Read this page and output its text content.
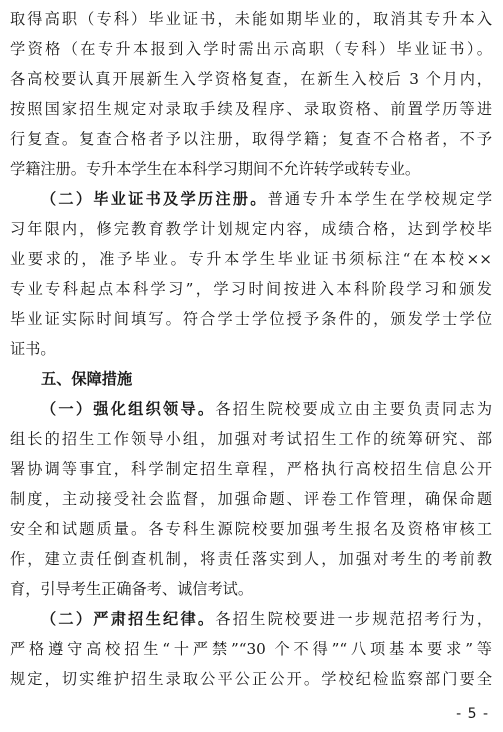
取得高职（专科）毕业证书，未能如期毕业的，取消其专升本入
学资格（在专升本报到入学时需出示高职（专科）毕业证书）。
各高校要认真开展新生入学资格复查，在新生入校后 3 个月内，
按照国家招生规定对录取手续及程序、录取资格、前置学历等进
行复查。复查合格者予以注册，取得学籍；复查不合格者，不予
学籍注册。专升本学生在本科学习期间不允许转学或转专业。
（二）毕业证书及学历注册。普通专升本学生在学校规定学
习年限内，修完教育教学计划规定内容，成绩合格，达到学校毕
业要求的，准予毕业。专升本学生毕业证书须标注“在本校××
专业专科起点本科学习”，学习时间按进入本科阶段学习和颁发
毕业证实际时间填写。符合学士学位授予条件的，颁发学士学位
证书。
五、保障措施
（一）强化组织领导。各招生院校要成立由主要负责同志为
组长的招生工作领导小组，加强对考试招生工作的统筹研究、部
署协调等事宜，科学制定招生章程，严格执行高校招生信息公开
制度，主动接受社会监督，加强命题、评卷工作管理，确保命题
安全和试题质量。各专科生源院校要加强考生报名及资格审核工
作，建立责任倒查机制，将责任落实到人，加强对考生的考前教
育，引导考生正确备考、诚信考试。
（二）严肃招生纪律。各招生院校要进一步规范招考行为，
严格遵守高校招生“十严禁”“30 个不得”“八项基本要求”等
规定，切实维护招生录取公平公正公开。学校纪检监察部门要全
- 5 -
